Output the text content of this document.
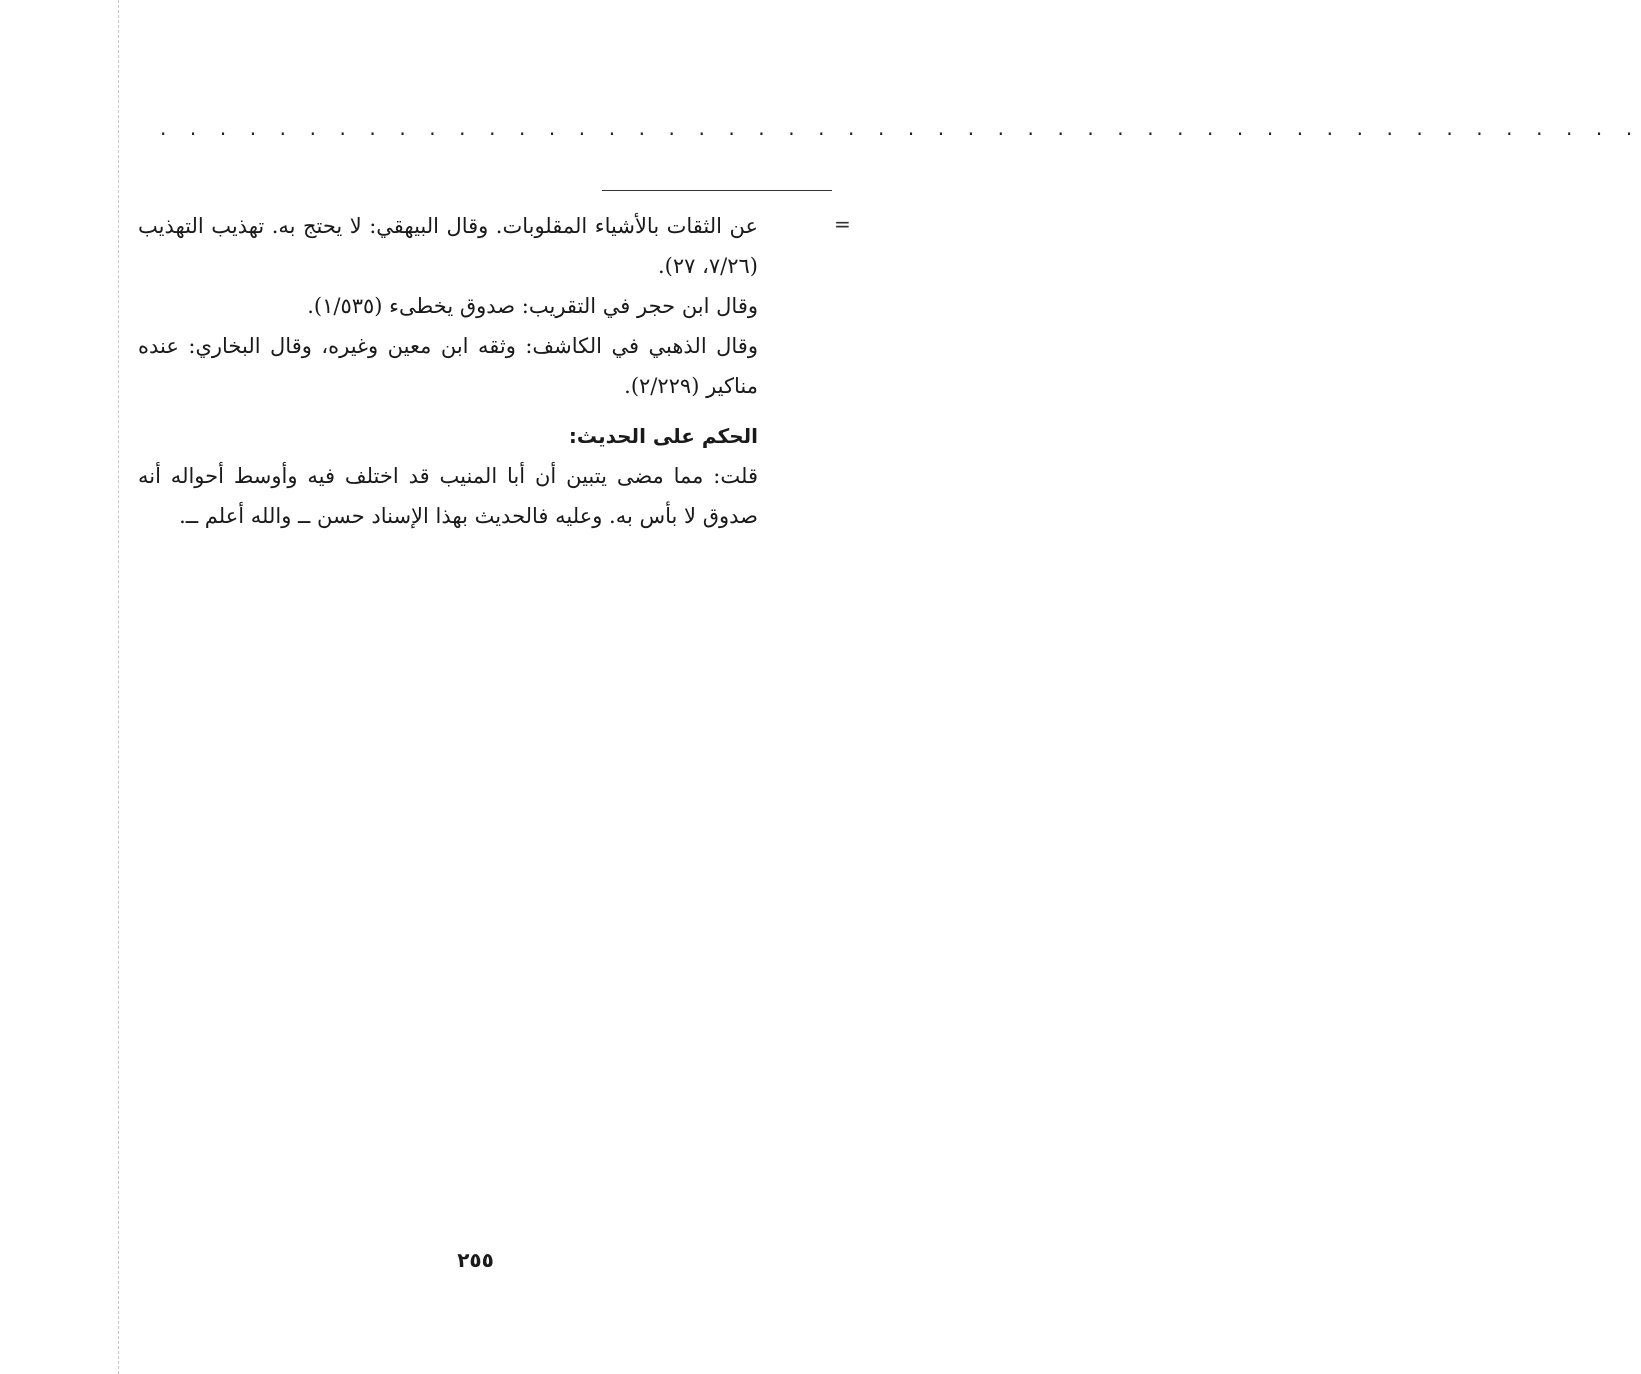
. . . . . . . . . . . . . . . . . . . . . . . . . . . . . . . . . . . . . . . . . . . . . . . . . .
=

عن الثقات بالأشياء المقلوبات. وقال البيهقي: لا يحتج به. تهذيب التهذيب (٧/٢٦، ٢٧).

وقال ابن حجر في التقريب: صدوق يخطىء (١/٥٣٥).

وقال الذهبي في الكاشف: وثقه ابن معين وغيره، وقال البخاري: عنده مناكير (٢/٢٢٩).

الحكم على الحديث:

قلت: مما مضى يتبين أن أبا المنيب قد اختلف فيه وأوسط أحواله أنه صدوق لا بأس به. وعليه فالحديث بهذا الإسناد حسن ــ والله أعلم ــ.

٢٥٥
